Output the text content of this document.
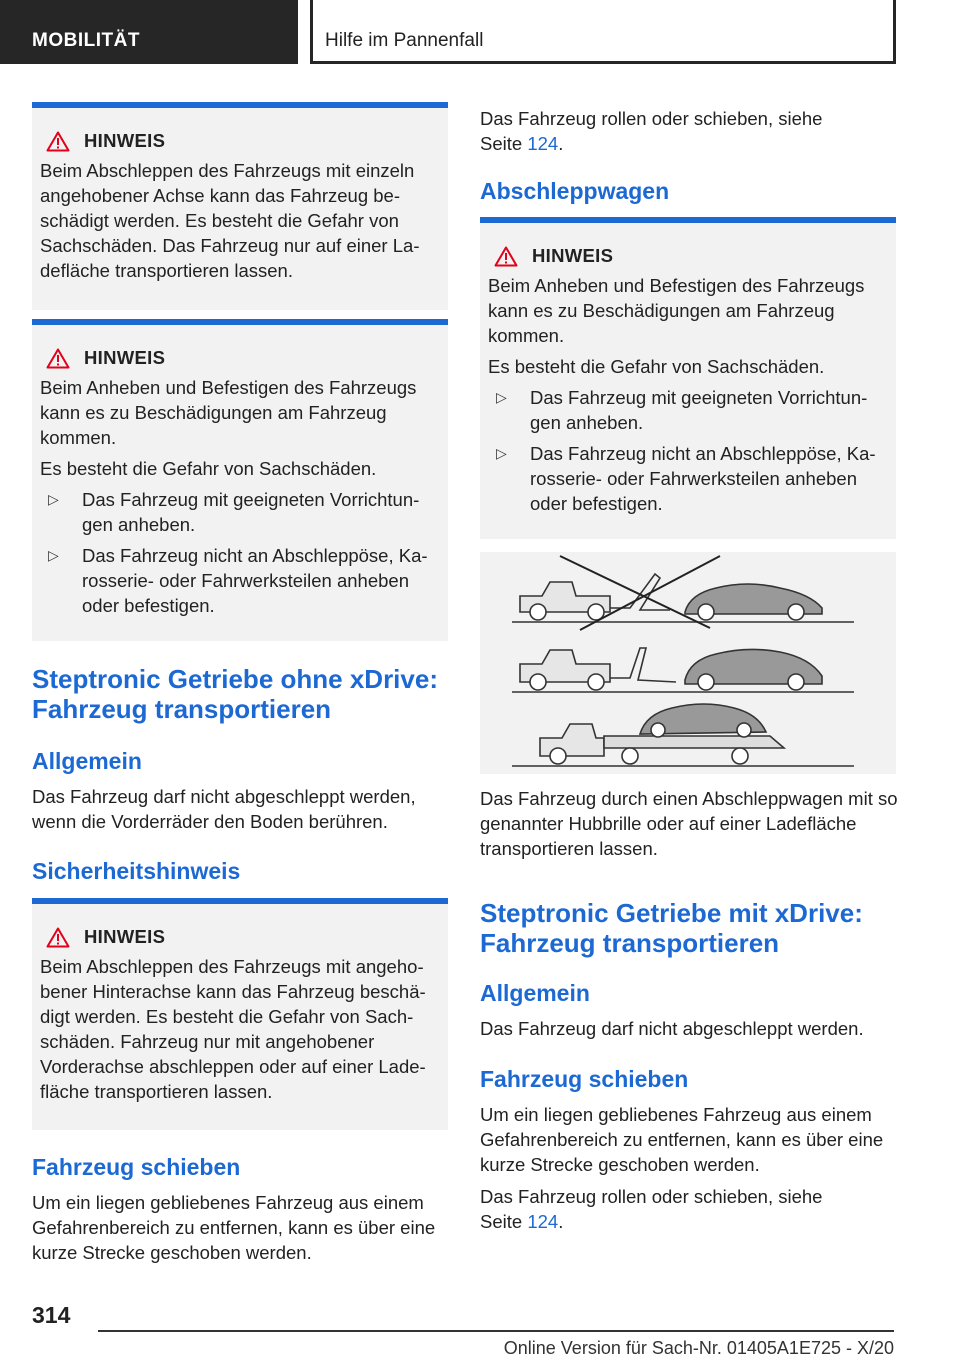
MOBILITÄT	Hilfe im Pannenfall
HINWEIS

Beim Abschleppen des Fahrzeugs mit einzeln angehobener Achse kann das Fahrzeug beschädigt werden. Es besteht die Gefahr von Sachschäden. Das Fahrzeug nur auf einer Ladefläche transportieren lassen.

HINWEIS

Beim Anheben und Befestigen des Fahrzeugs kann es zu Beschädigungen am Fahrzeug kommen.

Es besteht die Gefahr von Sachschäden.

▷ Das Fahrzeug mit geeigneten Vorrichtungen anheben.
▷ Das Fahrzeug nicht an Abschleppöse, Karosserie- oder Fahrwerksteilen anheben oder befestigen.
Steptronic Getriebe ohne xDrive: Fahrzeug transportieren
Allgemein

Das Fahrzeug darf nicht abgeschleppt werden, wenn die Vorderräder den Boden berühren.

Sicherheitshinweis
HINWEIS

Beim Abschleppen des Fahrzeugs mit angehobener Hinterachse kann das Fahrzeug beschädigt werden. Es besteht die Gefahr von Sachschäden. Fahrzeug nur mit angehobener Vorderachse abschleppen oder auf einer Ladefläche transportieren lassen.

Fahrzeug schieben

Um ein liegen gebliebenes Fahrzeug aus einem Gefahrenbereich zu entfernen, kann es über eine kurze Strecke geschoben werden.

Das Fahrzeug rollen oder schieben, siehe
Seite 124.

Abschleppwagen
HINWEIS

Beim Anheben und Befestigen des Fahrzeugs kann es zu Beschädigungen am Fahrzeug kommen.

Es besteht die Gefahr von Sachschäden.

▷ Das Fahrzeug mit geeigneten Vorrichtungen anheben.
▷ Das Fahrzeug nicht an Abschleppöse, Karosserie- oder Fahrwerksteilen anheben oder befestigen.

Das Fahrzeug durch einen Abschleppwagen mit so genannter Hubbrille oder auf einer Ladefläche transportieren lassen.

Steptronic Getriebe mit xDrive: Fahrzeug transportieren
Allgemein

Das Fahrzeug darf nicht abgeschleppt werden.

Fahrzeug schieben

Um ein liegen gebliebenes Fahrzeug aus einem Gefahrenbereich zu entfernen, kann es über eine kurze Strecke geschoben werden.

Das Fahrzeug rollen oder schieben, siehe
Seite 124.

314
Online Version für Sach-Nr. 01405A1E725 - X/20
